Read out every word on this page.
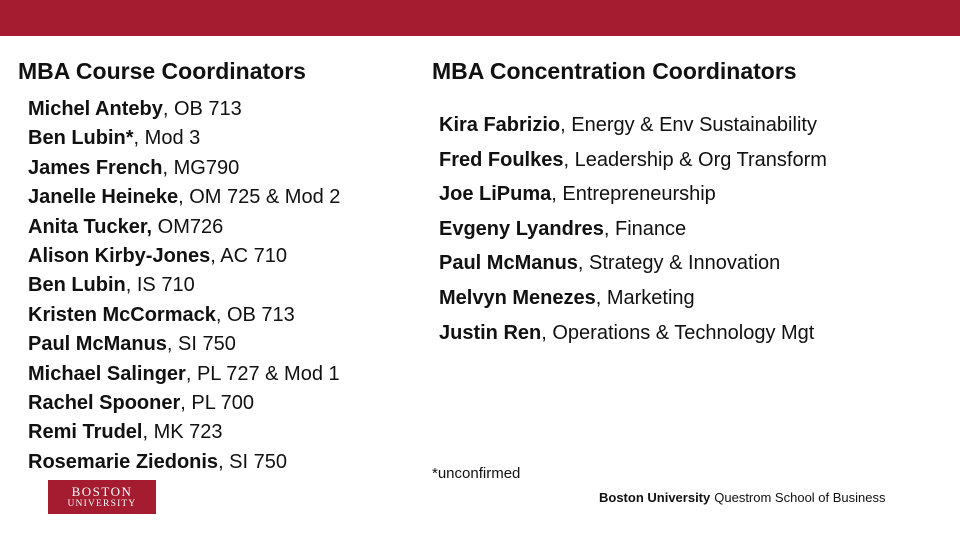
MBA Course Coordinators	MBA Concentration Coordinators
Michel Anteby, OB 713
Ben Lubin*, Mod 3
James French, MG790
Janelle Heineke, OM 725 & Mod 2
Anita Tucker, OM726
Alison Kirby-Jones, AC 710
Ben Lubin, IS 710
Kristen McCormack, OB 713
Paul McManus, SI 750
Michael Salinger, PL 727 & Mod 1
Rachel Spooner, PL 700
Remi Trudel, MK 723
Rosemarie Ziedonis, SI 750
Kira Fabrizio, Energy & Env Sustainability
Fred Foulkes, Leadership & Org Transform
Joe LiPuma, Entrepreneurship
Evgeny Lyandres, Finance
Paul McManus, Strategy & Innovation
Melvyn Menezes, Marketing
Justin Ren, Operations & Technology Mgt
*unconfirmed
BOSTON
UNIVERSITY	Boston University Questrom School of Business
